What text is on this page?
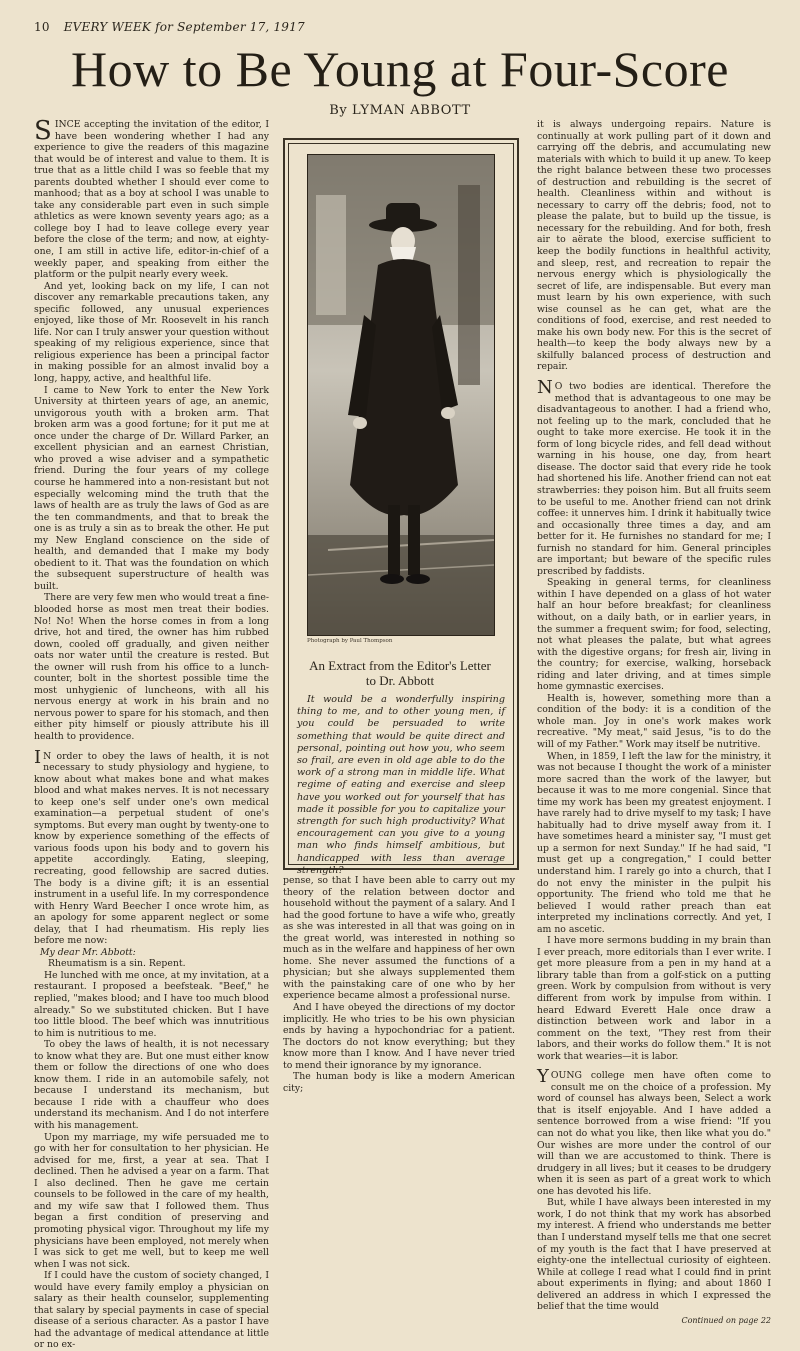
10 EVERY WEEK for September 17, 1917
How to Be Young at Four-Score
By LYMAN ABBOTT

SINCE accepting the invitation of the editor, I have been wondering whether I had any experience to give the readers of this magazine that would be of interest and value to them. It is true that as a little child I was so feeble that my parents doubted whether I should ever come to manhood; that as a boy at school I was unable to take any considerable part even in such simple athletics as were known seventy years ago; as a college boy I had to leave college every year before the close of the term; and now, at eighty-one, I am still in active life, editor-in-chief of a weekly paper, and speaking from either the platform or the pulpit nearly every week.

And yet, looking back on my life, I can not discover any remarkable precautions taken, any specific followed, any unusual experiences enjoyed, like those of Mr. Roosevelt in his ranch life. Nor can I truly answer your question without speaking of my religious experience, since that religious experience has been a principal factor in making possible for an almost invalid boy a long, happy, active, and healthful life.

I came to New York to enter the New York University at thirteen years of age, an anemic, unvigorous youth with a broken arm. That broken arm was a good fortune; for it put me at once under the charge of Dr. Willard Parker, an excellent physician and an earnest Christian, who proved a wise adviser and a sympathetic friend. During the four years of my college course he hammered into a non-resistant but not especially welcoming mind the truth that the laws of health are as truly the laws of God as are the ten commandments, and that to break the one is as truly a sin as to break the other. He put my New England conscience on the side of health, and demanded that I make my body obedient to it. That was the foundation on which the subsequent superstructure of health was built.

There are very few men who would treat a fine-blooded horse as most men treat their bodies. No! No! When the horse comes in from a long drive, hot and tired, the owner has him rubbed down, cooled off gradually, and given neither oats nor water until the creature is rested. But the owner will rush from his office to a lunch-counter, bolt in the shortest possible time the most unhygienic of luncheons, with all his nervous energy at work in his brain and no nervous power to spare for his stomach, and then either pity himself or piously attribute his ill health to providence.

I N order to obey the laws of health, it is not necessary to study physiology and hygiene, to know about what makes bone and what makes blood and what makes nerves. It is not necessary to keep one's self under one's own medical examination—a perpetual student of one's symptoms. But every man ought by twenty-one to know by experience something of the effects of various foods upon his body and to govern his appetite accordingly. Eating, sleeping, recreating, good fellowship are sacred duties. The body is a divine gift; it is an essential instrument in a useful life. In my correspondence with Henry Ward Beecher I once wrote him, as an apology for some apparent neglect or some delay, that I had rheumatism. His reply lies before me now:

My dear Mr. Abbott:

Rheumatism is a sin. Repent.

He lunched with me once, at my invitation, at a restaurant. I proposed a beefsteak. "Beef," he replied, "makes blood; and I have too much blood already." So we substituted chicken. But I have too little blood. The beef which was innutritious to him is nutritious to me.

To obey the laws of health, it is not necessary to know what they are. But one must either know them or follow the directions of one who does know them. I ride in an automobile safely, not because I understand its mechanism, but because I ride with a chauffeur who does understand its mechanism. And I do not interfere with his management.

Upon my marriage, my wife persuaded me to go with her for consultation to her physician. He advised for me, first, a year at sea. That I declined. Then he advised a year on a farm. That I also declined. Then he gave me certain counsels to be followed in the care of my health, and my wife saw that I followed them. Thus began a first condition of preserving and promoting physical vigor. Throughout my life my physicians have been employed, not merely when I was sick to get me well, but to keep me well when I was not sick.

If I could have the custom of society changed, I would have every family employ a physician on salary as their health counselor, supplementing that salary by special payments in case of special disease of a serious character. As a pastor I have had the advantage of medical attendance at little or no ex-

Photograph by Paul Thompson
An Extract from the Editor's Letter
to Dr. Abbott
It would be a wonderfully inspiring thing to me, and to other young men, if you could be persuaded to write something that would be quite direct and personal, pointing out how you, who seem so frail, are even in old age able to do the work of a strong man in middle life. What regime of eating and exercise and sleep have you worked out for yourself that has made it possible for you to capitalize your strength for such high productivity? What encouragement can you give to a young man who finds himself ambitious, but handicapped with less than average strength?

pense, so that I have been able to carry out my theory of the relation between doctor and household without the payment of a salary. And I had the good fortune to have a wife who, greatly as she was interested in all that was going on in the great world, was interested in nothing so much as in the welfare and happiness of her own home. She never assumed the functions of a physician; but she always supplemented them with the painstaking care of one who by her experience became almost a professional nurse.

And I have obeyed the directions of my doctor implicitly. He who tries to be his own physician ends by having a hypochondriac for a patient. The doctors do not know everything; but they know more than I know. And I have never tried to mend their ignorance by my ignorance.

The human body is like a modern American city;

it is always undergoing repairs. Nature is continually at work pulling part of it down and carrying off the debris, and accumulating new materials with which to build it up anew. To keep the right balance between these two processes of destruction and rebuilding is the secret of health. Cleanliness within and without is necessary to carry off the debris; food, not to please the palate, but to build up the tissue, is necessary for the rebuilding. And for both, fresh air to aërate the blood, exercise sufficient to keep the bodily functions in healthful activity, and sleep, rest, and recreation to repair the nervous energy which is physiologically the secret of life, are indispensable. But every man must learn by his own experience, with such wise counsel as he can get, what are the conditions of food, exercise, and rest needed to make his own body new. For this is the secret of health—to keep the body always new by a skilfully balanced process of destruction and repair.

N O two bodies are identical. Therefore the method that is advantageous to one may be disadvantageous to another. I had a friend who, not feeling up to the mark, concluded that he ought to take more exercise. He took it in the form of long bicycle rides, and fell dead without warning in his house, one day, from heart disease. The doctor said that every ride he took had shortened his life. Another friend can not eat strawberries: they poison him. But all fruits seem to be useful to me. Another friend can not drink coffee: it unnerves him. I drink it habitually twice and occasionally three times a day, and am better for it. He furnishes no standard for me; I furnish no standard for him. General principles are important; but beware of the specific rules prescribed by faddists.

Speaking in general terms, for cleanliness within I have depended on a glass of hot water half an hour before breakfast; for cleanliness without, on a daily bath, or in earlier years, in the summer a frequent swim; for food, selecting, not what pleases the palate, but what agrees with the digestive organs; for fresh air, living in the country; for exercise, walking, horseback riding and later driving, and at times simple home gymnastic exercises.

Health is, however, something more than a condition of the body: it is a condition of the whole man. Joy in one's work makes work recreative. "My meat," said Jesus, "is to do the will of my Father." Work may itself be nutritive.

When, in 1859, I left the law for the ministry, it was not because I thought the work of a minister more sacred than the work of the lawyer, but because it was to me more congenial. Since that time my work has been my greatest enjoyment. I have rarely had to drive myself to my task; I have habitually had to drive myself away from it. I have sometimes heard a minister say, "I must get up a sermon for next Sunday." If he had said, "I must get up a congregation," I could better understand him. I rarely go into a church, that I do not envy the minister in the pulpit his opportunity. The friend who told me that he believed I would rather preach than eat interpreted my inclinations correctly. And yet, I am no ascetic.

I have more sermons budding in my brain than I ever preach, more editorials than I ever write. I get more pleasure from a pen in my hand at a library table than from a golf-stick on a putting green. Work by compulsion from without is very different from work by impulse from within. I heard Edward Everett Hale once draw a distinction between work and labor in a comment on the text, "They rest from their labors, and their works do follow them." It is not work that wearies—it is labor.

YOUNG college men have often come to consult me on the choice of a profession. My word of counsel has always been, Select a work that is itself enjoyable. And I have added a sentence borrowed from a wise friend: "If you can not do what you like, then like what you do." Our wishes are more under the control of our will than we are accustomed to think. There is drudgery in all lives; but it ceases to be drudgery when it is seen as part of a great work to which one has devoted his life.

But, while I have always been interested in my work, I do not think that my work has absorbed my interest. A friend who understands me better than I understand myself tells me that one secret of my youth is the fact that I have preserved at eighty-one the intellectual curiosity of eighteen. While at college I read what I could find in print about experiments in flying; and about 1860 I delivered an address in which I expressed the belief that the time would

Continued on page 22
